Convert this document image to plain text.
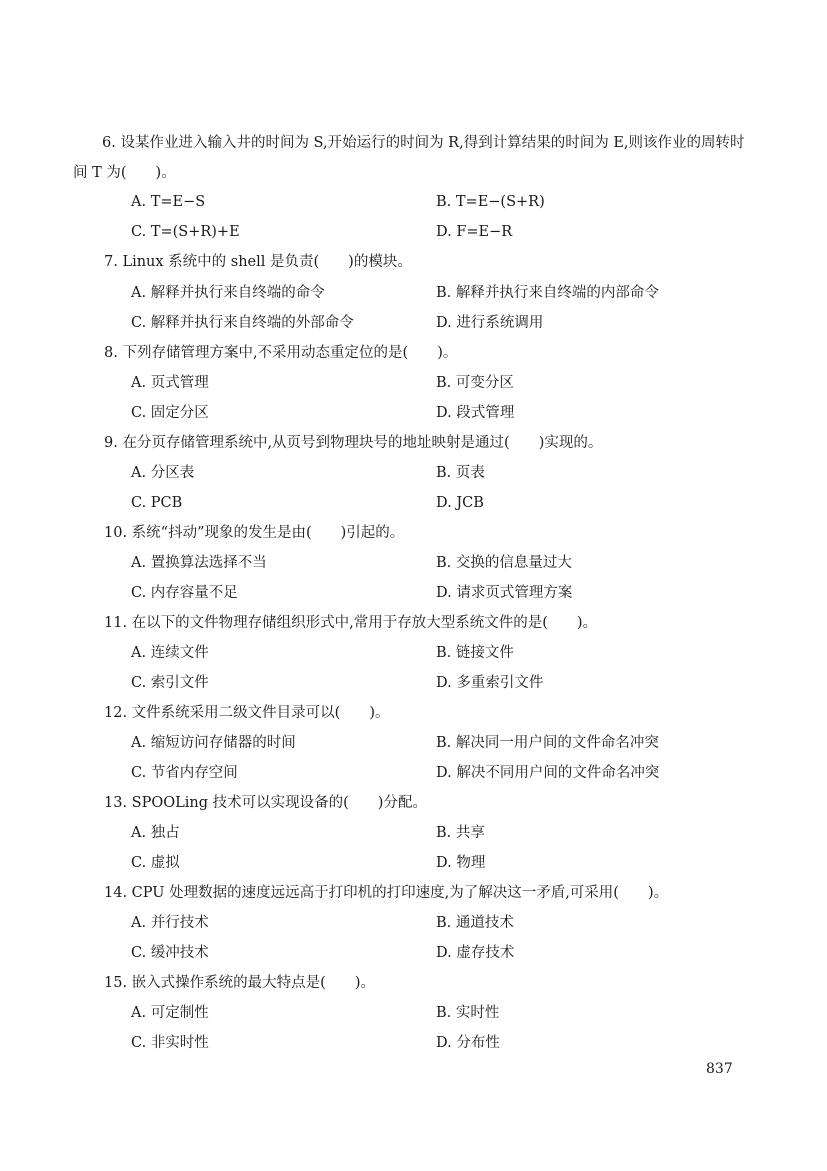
6. 设某作业进入输入井的时间为 S,开始运行的时间为 R,得到计算结果的时间为 E,则该作业的周转时间 T 为(　　)。
A. T=E−S	B. T=E−(S+R)
C. T=(S+R)+E	D. F=E−R
7. Linux 系统中的 shell 是负责(　　)的模块。
A. 解释并执行来自终端的命令	B. 解释并执行来自终端的内部命令
C. 解释并执行来自终端的外部命令	D. 进行系统调用
8. 下列存储管理方案中,不采用动态重定位的是(　　)。
A. 页式管理	B. 可变分区
C. 固定分区	D. 段式管理
9. 在分页存储管理系统中,从页号到物理块号的地址映射是通过(　　)实现的。
A. 分区表	B. 页表
C. PCB	D. JCB
10. 系统“抖动”现象的发生是由(　　)引起的。
A. 置换算法选择不当	B. 交换的信息量过大
C. 内存容量不足	D. 请求页式管理方案
11. 在以下的文件物理存储组织形式中,常用于存放大型系统文件的是(　　)。
A. 连续文件	B. 链接文件
C. 索引文件	D. 多重索引文件
12. 文件系统采用二级文件目录可以(　　)。
A. 缩短访问存储器的时间	B. 解决同一用户间的文件命名冲突
C. 节省内存空间	D. 解决不同用户间的文件命名冲突
13. SPOOLing 技术可以实现设备的(　　)分配。
A. 独占	B. 共享
C. 虚拟	D. 物理
14. CPU 处理数据的速度远远高于打印机的打印速度,为了解决这一矛盾,可采用(　　)。
A. 并行技术	B. 通道技术
C. 缓冲技术	D. 虚存技术
15. 嵌入式操作系统的最大特点是(　　)。
A. 可定制性	B. 实时性
C. 非实时性	D. 分布性
837
